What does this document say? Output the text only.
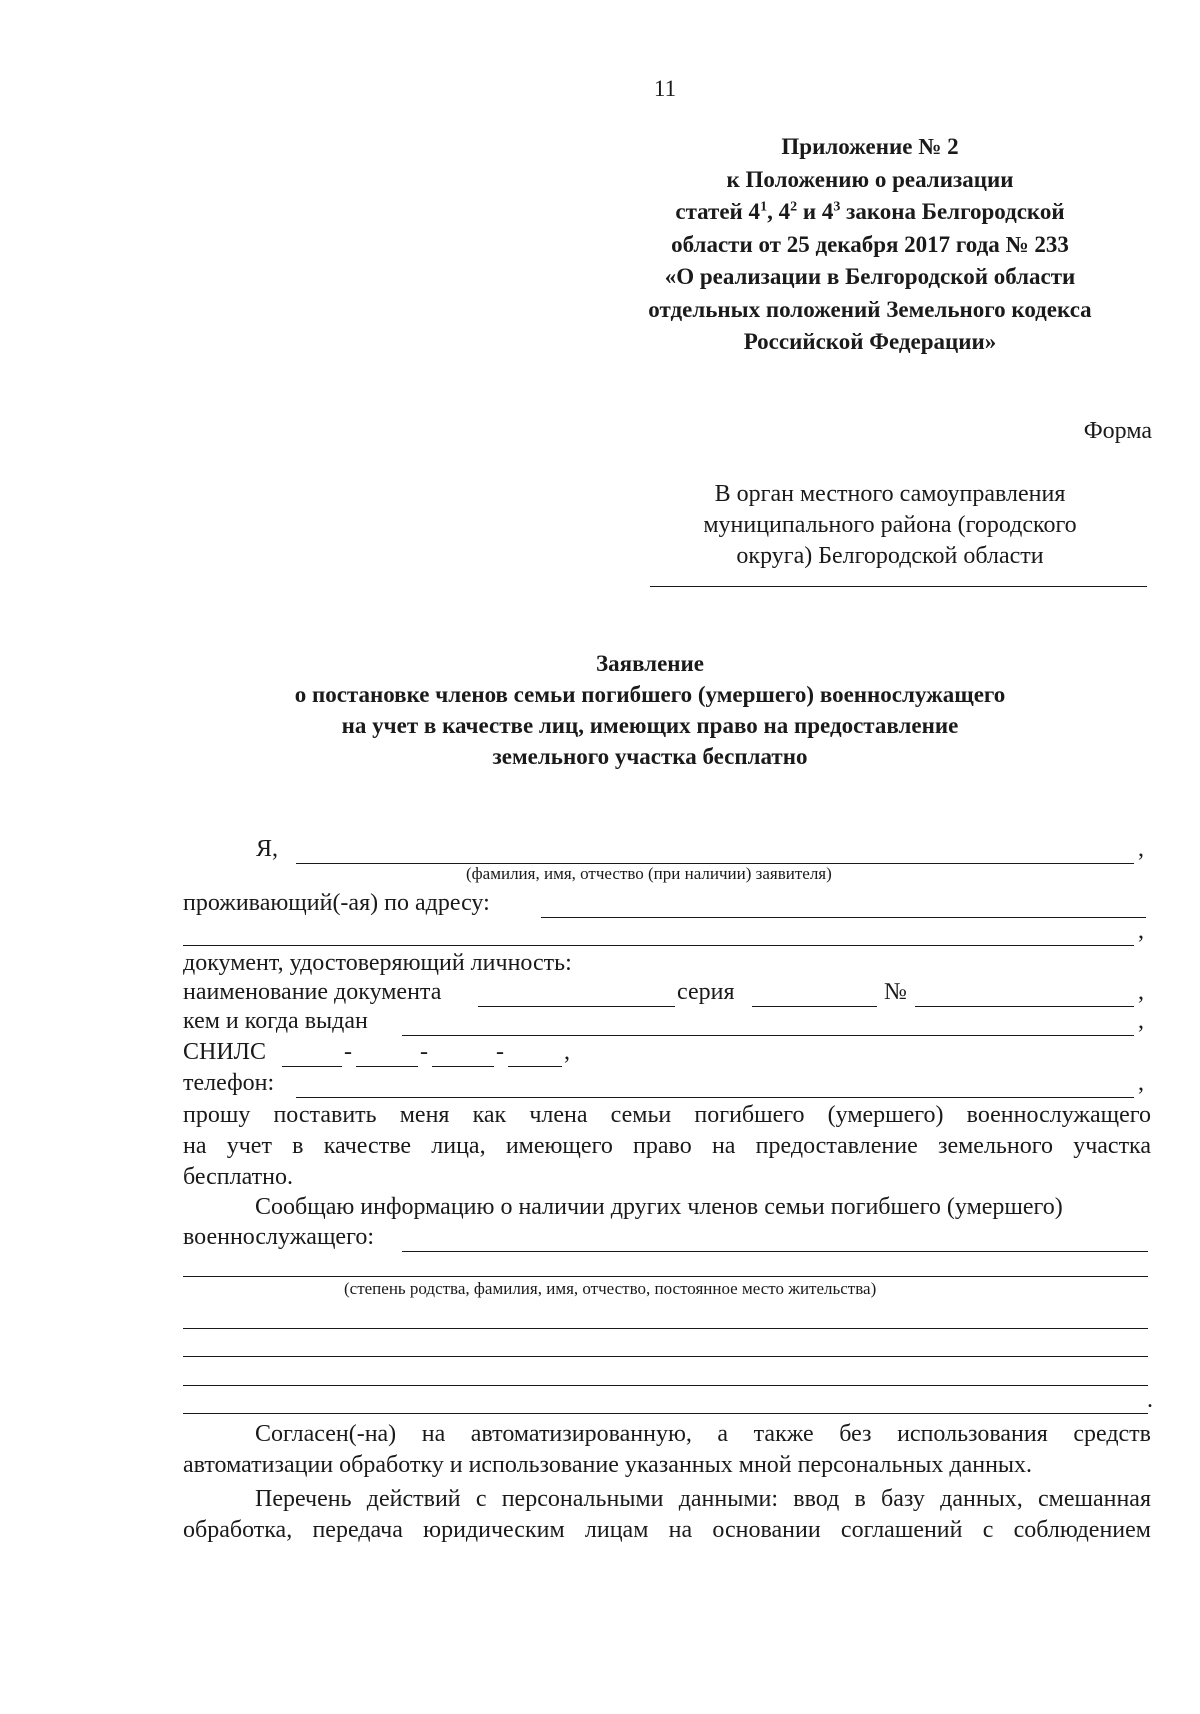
11
Приложение № 2
к Положению о реализации
статей $4^1$, $4^2$ и $4^3$ закона Белгородской
области от 25 декабря 2017 года № 233
«О реализации в Белгородской области
отдельных положений Земельного кодекса
Российской Федерации»
Форма
В орган местного самоуправления
муниципального района (городского
округа) Белгородской области
Заявление
о постановке членов семьи погибшего (умершего) военнослужащего
на учет в качестве лиц, имеющих право на предоставление
земельного участка бесплатно
Я,	,
(фамилия, имя, отчество (при наличии) заявителя)
проживающий(-ая) по адресу:
,
документ, удостоверяющий личность:
наименование документа	серия	№	,
кем и когда выдан	,
СНИЛС	-	-	-	,
телефон:	,
прошу поставить меня как члена семьи погибшего (умершего) военнослужащего
на учет в качестве лица, имеющего право на предоставление земельного участка
бесплатно.
Сообщаю информацию о наличии других членов семьи погибшего (умершего)
военнослужащего:
(степень родства, фамилия, имя, отчество, постоянное место жительства)
.
Согласен(-на) на автоматизированную, а также без использования средств
автоматизации обработку и использование указанных мной персональных данных.
Перечень действий с персональными данными: ввод в базу данных, смешанная
обработка, передача юридическим лицам на основании соглашений с соблюдением
